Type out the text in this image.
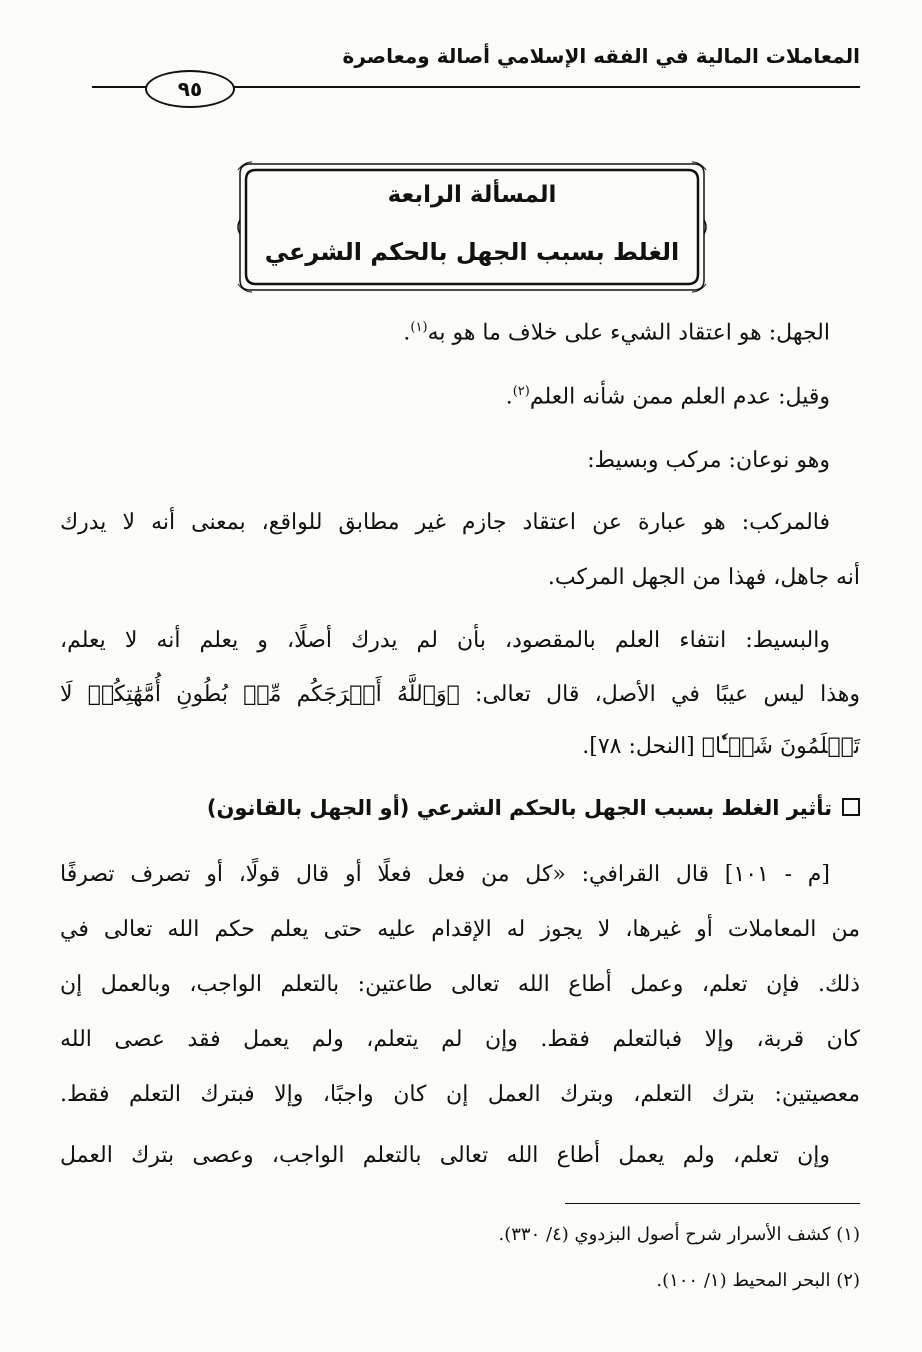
المعاملات المالية في الفقه الإسلامي أصالة ومعاصرة
٩٥
المسألة الرابعة
الغلط بسبب الجهل بالحكم الشرعي
الجهل: هو اعتقاد الشيء على خلاف ما هو به$^{(١)}$.
وقيل: عدم العلم ممن شأنه العلم$^{(٢)}$.
وهو نوعان: مركب وبسيط:
فالمركب: هو عبارة عن اعتقاد جازم غير مطابق للواقع، بمعنى أنه لا يدرك
أنه جاهل، فهذا من الجهل المركب.
والبسيط: انتفاء العلم بالمقصود، بأن لم يدرك أصلًا، و يعلم أنه لا يعلم،
وهذا ليس عيبًا في الأصل، قال تعالى: ﴿وَٱللَّهُ أَخۡرَجَكُم مِّنۢ بُطُونِ أُمَّهَٰتِكُمۡ لَا
تَعۡلَمُونَ شَيۡـٔٗا﴾ [النحل: ٧٨].
تأثير الغلط بسبب الجهل بالحكم الشرعي (أو الجهل بالقانون)
[م - ١٠١] قال القرافي: «كل من فعل فعلًا أو قال قولًا، أو تصرف تصرفًا
من المعاملات أو غيرها، لا يجوز له الإقدام عليه حتى يعلم حكم الله تعالى في
ذلك. فإن تعلم، وعمل أطاع الله تعالى طاعتين: بالتعلم الواجب، وبالعمل إن
كان قربة، وإلا فبالتعلم فقط. وإن لم يتعلم، ولم يعمل فقد عصى الله
معصيتين: بترك التعلم، وبترك العمل إن كان واجبًا، وإلا فبترك التعلم فقط.
وإن تعلم، ولم يعمل أطاع الله تعالى بالتعلم الواجب، وعصى بترك العمل
(١) كشف الأسرار شرح أصول البزدوي (٤/ ٣٣٠).
(٢) البحر المحيط (١/ ١٠٠).
